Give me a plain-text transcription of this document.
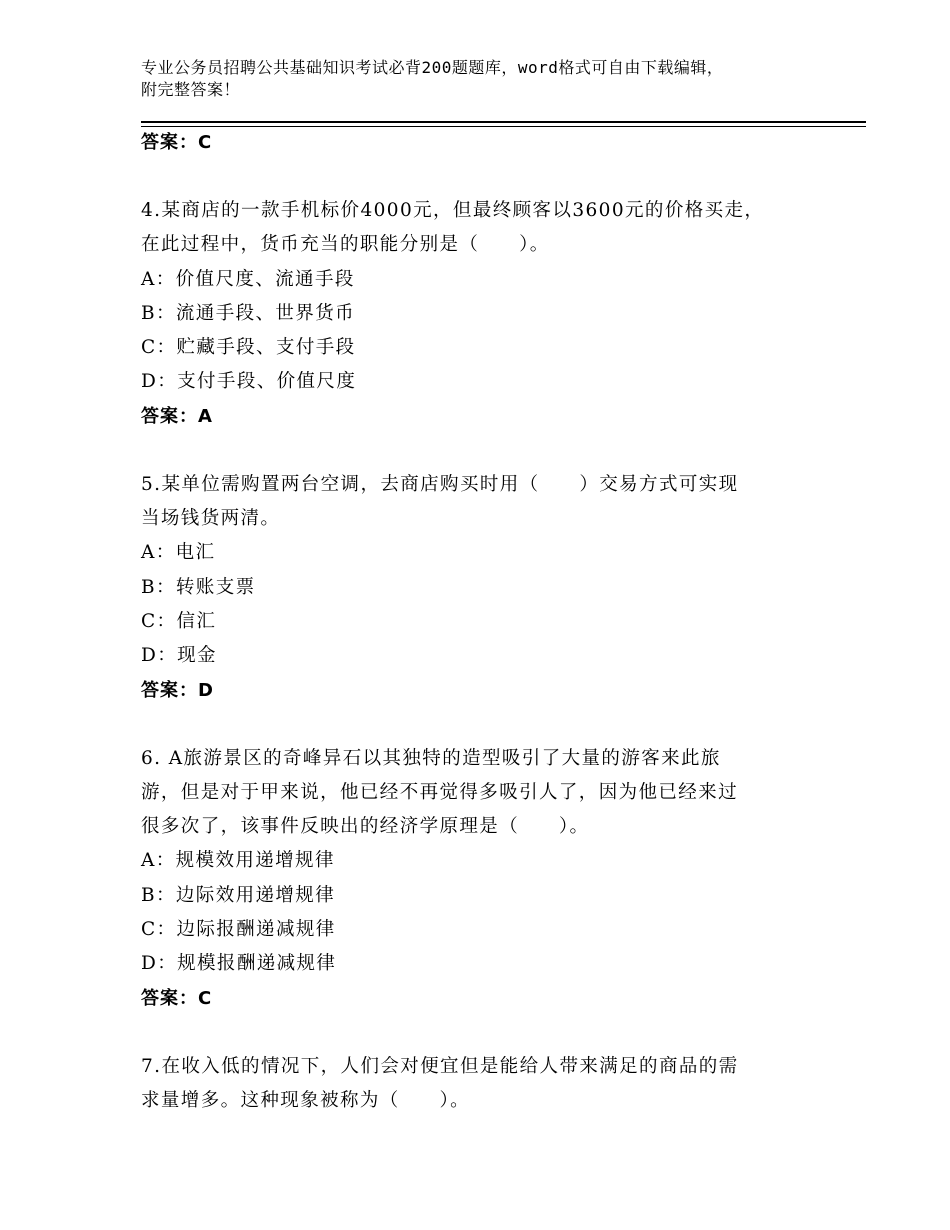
专业公务员招聘公共基础知识考试必背200题题库，word格式可自由下载编辑，
附完整答案！
答案：C
4.某商店的一款手机标价4000元，但最终顾客以3600元的价格买走，
在此过程中，货币充当的职能分别是（　　）。
A：价值尺度、流通手段
B：流通手段、世界货币
C：贮藏手段、支付手段
D：支付手段、价值尺度
答案：A
5.某单位需购置两台空调，去商店购买时用（　　）交易方式可实现
当场钱货两清。
A：电汇
B：转账支票
C：信汇
D：现金
答案：D
6. A旅游景区的奇峰异石以其独特的造型吸引了大量的游客来此旅
游，但是对于甲来说，他已经不再觉得多吸引人了，因为他已经来过
很多次了，该事件反映出的经济学原理是（　　）。
A：规模效用递增规律
B：边际效用递增规律
C：边际报酬递减规律
D：规模报酬递减规律
答案：C
7.在收入低的情况下，人们会对便宜但是能给人带来满足的商品的需
求量增多。这种现象被称为（　　）。
